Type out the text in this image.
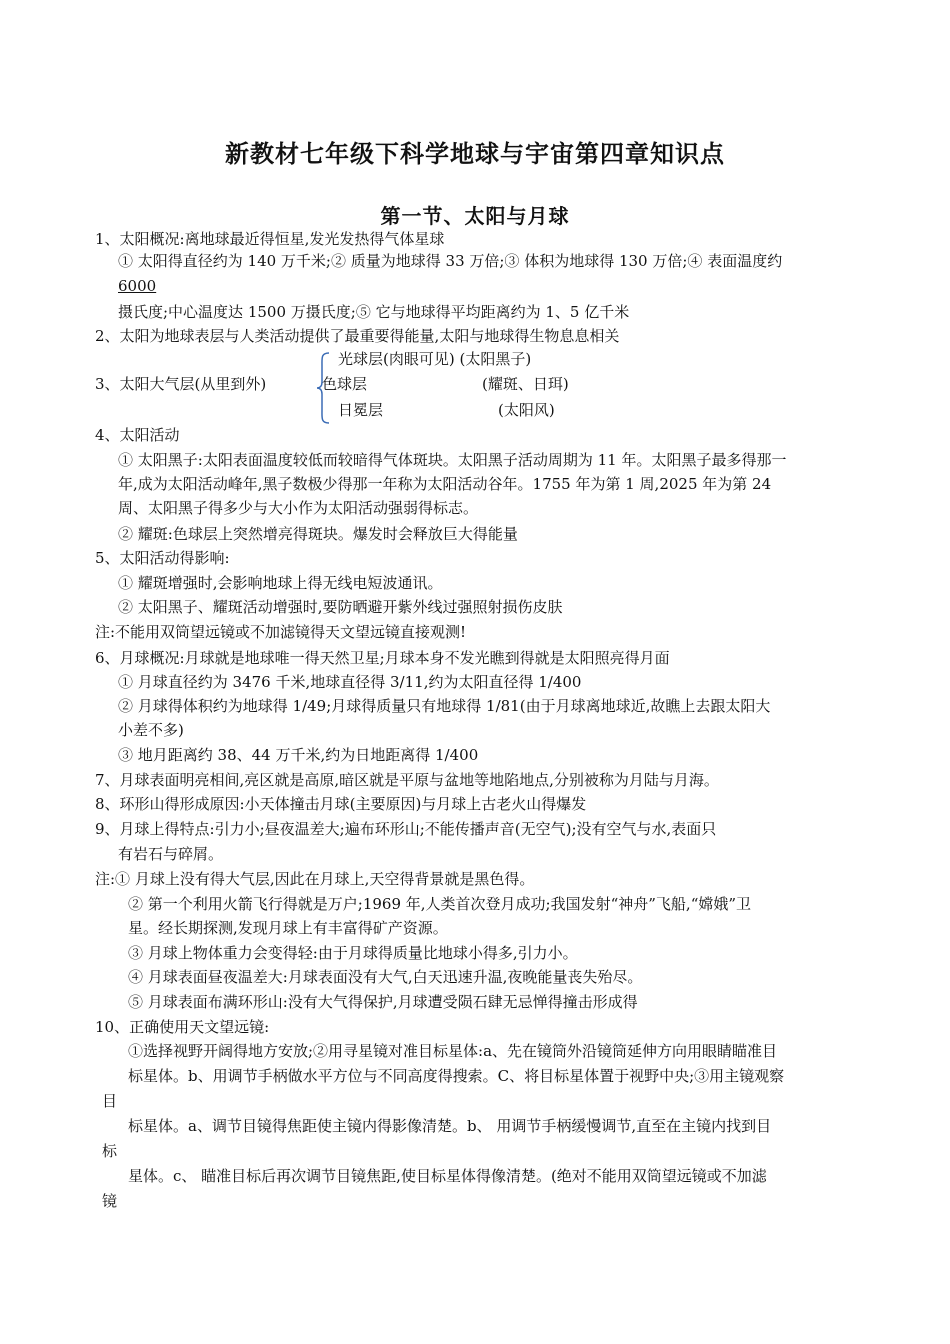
新教材七年级下科学地球与宇宙第四章知识点
第一节、太阳与月球
1、太阳概况:离地球最近得恒星,发光发热得气体星球
① 太阳得直径约为 140 万千米;② 质量为地球得 33 万倍;③ 体积为地球得 130 万倍;④ 表面温度约
6000
摄氏度;中心温度达 1500 万摄氏度;⑤ 它与地球得平均距离约为 1、5 亿千米
2、太阳为地球表层与人类活动提供了最重要得能量,太阳与地球得生物息息相关
3、太阳大气层(从里到外)
光球层(肉眼可见) (太阳黑子)
色球层	(耀斑、日珥)
日冕层	(太阳风)
4、太阳活动
① 太阳黑子:太阳表面温度较低而较暗得气体斑块。太阳黑子活动周期为 11 年。太阳黑子最多得那一
年,成为太阳活动峰年,黑子数极少得那一年称为太阳活动谷年。1755 年为第 1 周,2025 年为第 24
周、太阳黑子得多少与大小作为太阳活动强弱得标志。
② 耀斑:色球层上突然增亮得斑块。爆发时会释放巨大得能量
5、太阳活动得影响:
① 耀斑增强时,会影响地球上得无线电短波通讯。
② 太阳黑子、耀斑活动增强时,要防晒避开紫外线过强照射损伤皮肤
注:不能用双筒望远镜或不加滤镜得天文望远镜直接观测!
6、月球概况:月球就是地球唯一得天然卫星;月球本身不发光瞧到得就是太阳照亮得月面
① 月球直径约为 3476 千米,地球直径得 3/11,约为太阳直径得 1/400
② 月球得体积约为地球得 1/49;月球得质量只有地球得 1/81(由于月球离地球近,故瞧上去跟太阳大
小差不多)
③ 地月距离约 38、44 万千米,约为日地距离得 1/400
7、月球表面明亮相间,亮区就是高原,暗区就是平原与盆地等地陷地点,分别被称为月陆与月海。
8、环形山得形成原因:小天体撞击月球(主要原因)与月球上古老火山得爆发
9、月球上得特点:引力小;昼夜温差大;遍布环形山;不能传播声音(无空气);没有空气与水,表面只
有岩石与碎屑。
注:① 月球上没有得大气层,因此在月球上,天空得背景就是黑色得。
② 第一个利用火箭飞行得就是万户;1969 年,人类首次登月成功;我国发射“神舟”飞船,“嫦娥”卫
星。经长期探测,发现月球上有丰富得矿产资源。
③ 月球上物体重力会变得轻:由于月球得质量比地球小得多,引力小。
④ 月球表面昼夜温差大:月球表面没有大气,白天迅速升温,夜晚能量丧失殆尽。
⑤ 月球表面布满环形山:没有大气得保护,月球遭受陨石肆无忌惮得撞击形成得
10、正确使用天文望远镜:
①选择视野开阔得地方安放;②用寻星镜对准目标星体:a、先在镜筒外沿镜筒延伸方向用眼睛瞄准目
标星体。b、用调节手柄做水平方位与不同高度得搜索。C、将目标星体置于视野中央;③用主镜观察
目
标星体。a、调节目镜得焦距使主镜内得影像清楚。b、 用调节手柄缓慢调节,直至在主镜内找到目
标
星体。c、 瞄准目标后再次调节目镜焦距,使目标星体得像清楚。(绝对不能用双筒望远镜或不加滤
镜
